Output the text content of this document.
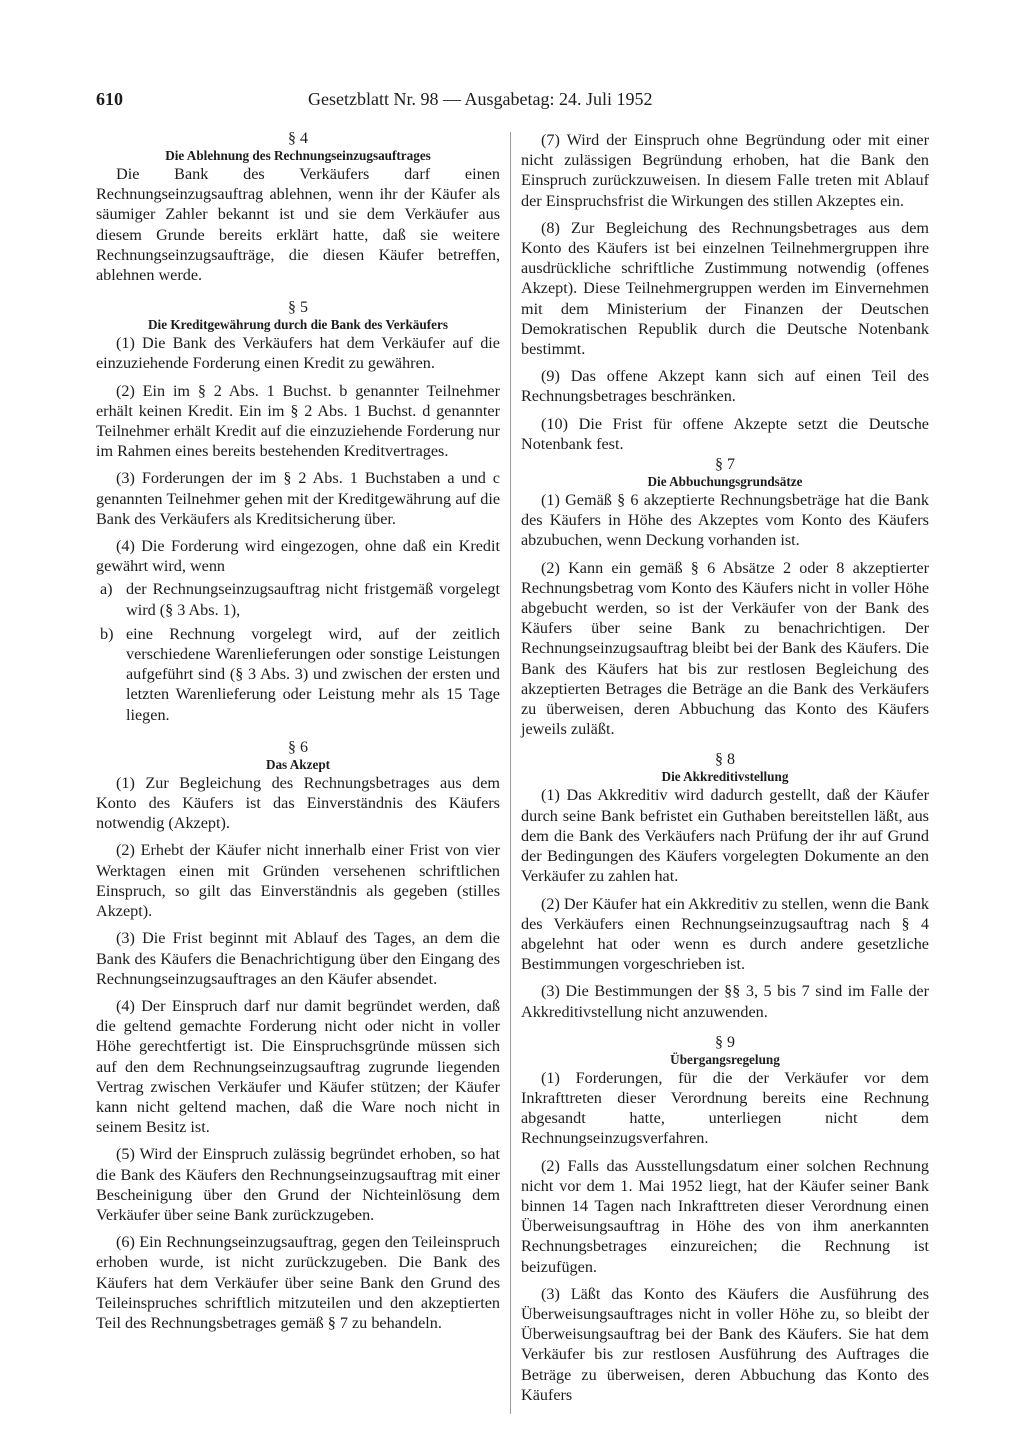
610	Gesetzblatt Nr. 98 — Ausgabetag: 24. Juli 1952
§ 4
Die Ablehnung des Rechnungseinzugsauftrages

Die Bank des Verkäufers darf einen Rechnungseinzugsauftrag ablehnen, wenn ihr der Käufer als säumiger Zahler bekannt ist und sie dem Verkäufer aus diesem Grunde bereits erklärt hatte, daß sie weitere Rechnungseinzugsaufträge, die diesen Käufer betreffen, ablehnen werde.

§ 5
Die Kreditgewährung durch die Bank des Verkäufers

(1) Die Bank des Verkäufers hat dem Verkäufer auf die einzuziehende Forderung einen Kredit zu gewähren.

(2) Ein im § 2 Abs. 1 Buchst. b genannter Teilnehmer erhält keinen Kredit. Ein im § 2 Abs. 1 Buchst. d genannter Teilnehmer erhält Kredit auf die einzuziehende Forderung nur im Rahmen eines bereits bestehenden Kreditvertrages.

(3) Forderungen der im § 2 Abs. 1 Buchstaben a und c genannten Teilnehmer gehen mit der Kreditgewährung auf die Bank des Verkäufers als Kreditsicherung über.

(4) Die Forderung wird eingezogen, ohne daß ein Kredit gewährt wird, wenn

a) der Rechnungseinzugsauftrag nicht fristgemäß vorgelegt wird (§ 3 Abs. 1),
b) eine Rechnung vorgelegt wird, auf der zeitlich verschiedene Warenlieferungen oder sonstige Leistungen aufgeführt sind (§ 3 Abs. 3) und zwischen der ersten und letzten Warenlieferung oder Leistung mehr als 15 Tage liegen.
§ 6
Das Akzept

(1) Zur Begleichung des Rechnungsbetrages aus dem Konto des Käufers ist das Einverständnis des Käufers notwendig (Akzept).

(2) Erhebt der Käufer nicht innerhalb einer Frist von vier Werktagen einen mit Gründen versehenen schriftlichen Einspruch, so gilt das Einverständnis als gegeben (stilles Akzept).

(3) Die Frist beginnt mit Ablauf des Tages, an dem die Bank des Käufers die Benachrichtigung über den Eingang des Rechnungseinzugsauftrages an den Käufer absendet.

(4) Der Einspruch darf nur damit begründet werden, daß die geltend gemachte Forderung nicht oder nicht in voller Höhe gerechtfertigt ist. Die Einspruchsgründe müssen sich auf den dem Rechnungseinzugsauftrag zugrunde liegenden Vertrag zwischen Verkäufer und Käufer stützen; der Käufer kann nicht geltend machen, daß die Ware noch nicht in seinem Besitz ist.

(5) Wird der Einspruch zulässig begründet erhoben, so hat die Bank des Käufers den Rechnungseinzugsauftrag mit einer Bescheinigung über den Grund der Nichteinlösung dem Verkäufer über seine Bank zurückzugeben.

(6) Ein Rechnungseinzugsauftrag, gegen den Teileinspruch erhoben wurde, ist nicht zurückzugeben. Die Bank des Käufers hat dem Verkäufer über seine Bank den Grund des Teileinspruches schriftlich mitzuteilen und den akzeptierten Teil des Rechnungsbetrages gemäß § 7 zu behandeln.

(7) Wird der Einspruch ohne Begründung oder mit einer nicht zulässigen Begründung erhoben, hat die Bank den Einspruch zurückzuweisen. In diesem Falle treten mit Ablauf der Einspruchsfrist die Wirkungen des stillen Akzeptes ein.

(8) Zur Begleichung des Rechnungsbetrages aus dem Konto des Käufers ist bei einzelnen Teilnehmergruppen ihre ausdrückliche schriftliche Zustimmung notwendig (offenes Akzept). Diese Teilnehmergruppen werden im Einvernehmen mit dem Ministerium der Finanzen der Deutschen Demokratischen Republik durch die Deutsche Notenbank bestimmt.

(9) Das offene Akzept kann sich auf einen Teil des Rechnungsbetrages beschränken.

(10) Die Frist für offene Akzepte setzt die Deutsche Notenbank fest.

§ 7
Die Abbuchungsgrundsätze

(1) Gemäß § 6 akzeptierte Rechnungsbeträge hat die Bank des Käufers in Höhe des Akzeptes vom Konto des Käufers abzubuchen, wenn Deckung vorhanden ist.

(2) Kann ein gemäß § 6 Absätze 2 oder 8 akzeptierter Rechnungsbetrag vom Konto des Käufers nicht in voller Höhe abgebucht werden, so ist der Verkäufer von der Bank des Käufers über seine Bank zu benachrichtigen. Der Rechnungseinzugsauftrag bleibt bei der Bank des Käufers. Die Bank des Käufers hat bis zur restlosen Begleichung des akzeptierten Betrages die Beträge an die Bank des Verkäufers zu überweisen, deren Abbuchung das Konto des Käufers jeweils zuläßt.

§ 8
Die Akkreditivstellung

(1) Das Akkreditiv wird dadurch gestellt, daß der Käufer durch seine Bank befristet ein Guthaben bereitstellen läßt, aus dem die Bank des Verkäufers nach Prüfung der ihr auf Grund der Bedingungen des Käufers vorgelegten Dokumente an den Verkäufer zu zahlen hat.

(2) Der Käufer hat ein Akkreditiv zu stellen, wenn die Bank des Verkäufers einen Rechnungseinzugsauftrag nach § 4 abgelehnt hat oder wenn es durch andere gesetzliche Bestimmungen vorgeschrieben ist.

(3) Die Bestimmungen der §§ 3, 5 bis 7 sind im Falle der Akkreditivstellung nicht anzuwenden.

§ 9
Übergangsregelung

(1) Forderungen, für die der Verkäufer vor dem Inkrafttreten dieser Verordnung bereits eine Rechnung abgesandt hatte, unterliegen nicht dem Rechnungseinzugsverfahren.

(2) Falls das Ausstellungsdatum einer solchen Rechnung nicht vor dem 1. Mai 1952 liegt, hat der Käufer seiner Bank binnen 14 Tagen nach Inkrafttreten dieser Verordnung einen Überweisungsauftrag in Höhe des von ihm anerkannten Rechnungsbetrages einzureichen; die Rechnung ist beizufügen.

(3) Läßt das Konto des Käufers die Ausführung des Überweisungsauftrages nicht in voller Höhe zu, so bleibt der Überweisungsauftrag bei der Bank des Käufers. Sie hat dem Verkäufer bis zur restlosen Ausführung des Auftrages die Beträge zu überweisen, deren Abbuchung das Konto des Käufers
